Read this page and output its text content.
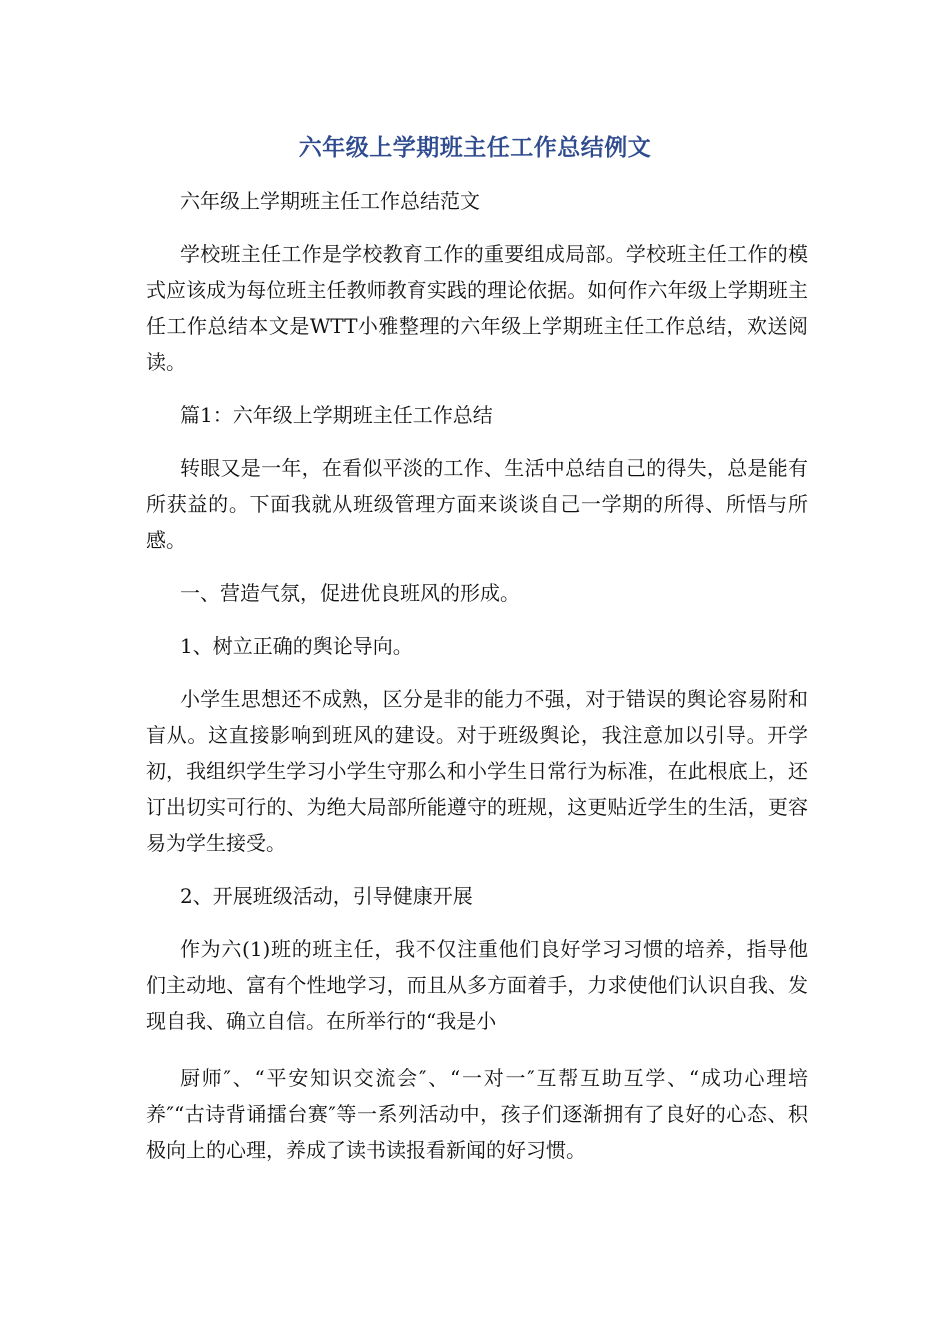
六年级上学期班主任工作总结例文

六年级上学期班主任工作总结范文

学校班主任工作是学校教育工作的重要组成局部。学校班主任工作的模式应该成为每位班主任教师教育实践的理论依据。如何作六年级上学期班主任工作总结本文是WTT小雅整理的六年级上学期班主任工作总结，欢送阅读。

篇1：六年级上学期班主任工作总结

转眼又是一年，在看似平淡的工作、生活中总结自己的得失，总是能有所获益的。下面我就从班级管理方面来谈谈自己一学期的所得、所悟与所感。

一、营造气氛，促进优良班风的形成。

1、树立正确的舆论导向。

小学生思想还不成熟，区分是非的能力不强，对于错误的舆论容易附和盲从。这直接影响到班风的建设。对于班级舆论，我注意加以引导。开学初，我组织学生学习小学生守那么和小学生日常行为标准，在此根底上，还订出切实可行的、为绝大局部所能遵守的班规，这更贴近学生的生活，更容易为学生接受。

2、开展班级活动，引导健康开展

作为六(1)班的班主任，我不仅注重他们良好学习习惯的培养，指导他们主动地、富有个性地学习，而且从多方面着手，力求使他们认识自我、发现自我、确立自信。在所举行的“我是小

厨师″、“平安知识交流会″、“一对一″互帮互助互学、“成功心理培养″“古诗背诵擂台赛″等一系列活动中，孩子们逐渐拥有了良好的心态、积极向上的心理，养成了读书读报看新闻的好习惯。
